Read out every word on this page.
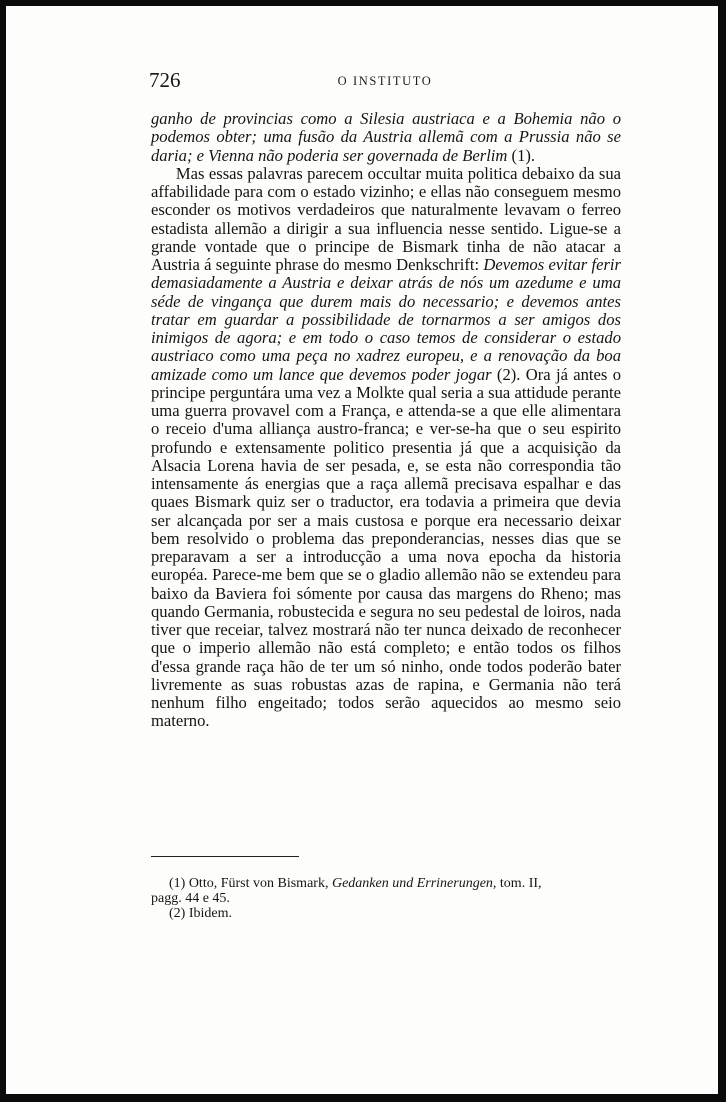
726	O INSTITUTO

ganho de provincias como a Silesia austriaca e a Bohemia não o podemos obter; uma fusão da Austria allemã com a Prussia não se daria; e Vienna não poderia ser governada de Berlim (1).

Mas essas palavras parecem occultar muita politica debaixo da sua affabilidade para com o estado vizinho; e ellas não conseguem mesmo esconder os motivos verdadeiros que naturalmente levavam o ferreo estadista allemão a dirigir a sua influencia nesse sentido. Ligue-se a grande vontade que o principe de Bismark tinha de não atacar a Austria á seguinte phrase do mesmo Denkschrift: Devemos evitar ferir demasiadamente a Austria e deixar atrás de nós um azedume e uma séde de vingança que durem mais do necessario; e devemos antes tratar em guardar a possibilidade de tornarmos a ser amigos dos inimigos de agora; e em todo o caso temos de considerar o estado austriaco como uma peça no xadrez europeu, e a renovação da boa amizade como um lance que devemos poder jogar (2). Ora já antes o principe perguntára uma vez a Molkte qual seria a sua attidude perante uma guerra provavel com a França, e attenda-se a que elle alimentara o receio d'uma alliança austro-franca; e ver-se-ha que o seu espirito profundo e extensamente politico presentia já que a acquisição da Alsacia Lorena havia de ser pesada, e, se esta não correspondia tão intensamente ás energias que a raça allemã precisava espalhar e das quaes Bismark quiz ser o traductor, era todavia a primeira que devia ser alcançada por ser a mais custosa e porque era necessario deixar bem resolvido o problema das preponderancias, nesses dias que se preparavam a ser a introducção a uma nova epocha da historia européa. Parece-me bem que se o gladio allemão não se extendeu para baixo da Baviera foi sómente por causa das margens do Rheno; mas quando Germania, robustecida e segura no seu pedestal de loiros, nada tiver que receiar, talvez mostrará não ter nunca deixado de reconhecer que o imperio allemão não está completo; e então todos os filhos d'essa grande raça hão de ter um só ninho, onde todos poderão bater livremente as suas robustas azas de rapina, e Germania não terá nenhum filho engeitado; todos serão aquecidos ao mesmo seio materno.

(1) Otto, Fürst von Bismark, Gedanken und Errinerungen, tom. II,

pagg. 44 e 45.

(2) Ibidem.
